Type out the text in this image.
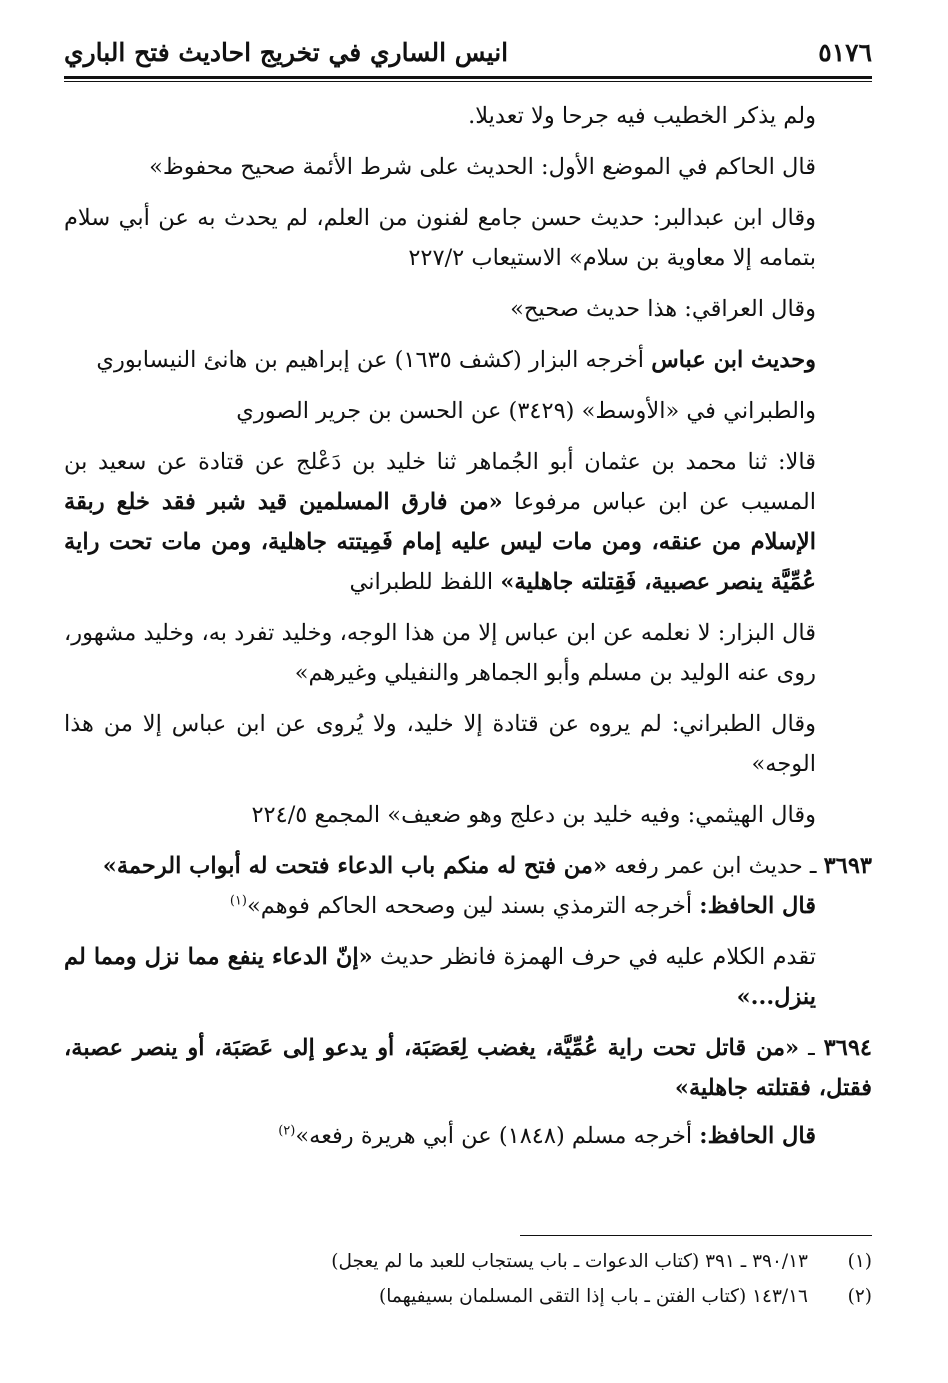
٥١٧٦
انيس الساري في تخريج احاديث فتح الباري

ولم يذكر الخطيب فيه جرحا ولا تعديلا.

قال الحاكم في الموضع الأول: الحديث على شرط الأئمة صحيح محفوظ»

وقال ابن عبدالبر: حديث حسن جامع لفنون من العلم، لم يحدث به عن أبي سلام بتمامه إلا معاوية بن سلام» الاستيعاب ٢٢٧/٢

وقال العراقي: هذا حديث صحيح»

وحديث ابن عباس أخرجه البزار (كشف ١٦٣٥) عن إبراهيم بن هانئ النيسابوري

والطبراني في «الأوسط» (٣٤٢٩) عن الحسن بن جرير الصوري

قالا: ثنا محمد بن عثمان أبو الجُماهر ثنا خليد بن دَعْلج عن قتادة عن سعيد بن المسيب عن ابن عباس مرفوعا «من فارق المسلمين قيد شبر فقد خلع ربقة الإسلام من عنقه، ومن مات ليس عليه إمام فَمِيتته جاهلية، ومن مات تحت راية عُمِّيَّة ينصر عصبية، فَقِتلته جاهلية» اللفظ للطبراني

قال البزار: لا نعلمه عن ابن عباس إلا من هذا الوجه، وخليد تفرد به، وخليد مشهور، روى عنه الوليد بن مسلم وأبو الجماهر والنفيلي وغيرهم»

وقال الطبراني: لم يروه عن قتادة إلا خليد، ولا يُروى عن ابن عباس إلا من هذا الوجه»

وقال الهيثمي: وفيه خليد بن دعلج وهو ضعيف» المجمع ٢٢٤/٥

٣٦٩٣ ـ حديث ابن عمر رفعه «من فتح له منكم باب الدعاء فتحت له أبواب الرحمة»

قال الحافظ: أخرجه الترمذي بسند لين وصححه الحاكم فوهم»$^{(١)}$

تقدم الكلام عليه في حرف الهمزة فانظر حديث «إنّ الدعاء ينفع مما نزل ومما لم ينزل...»

٣٦٩٤ ـ «من قاتل تحت راية عُمِّيَّة، يغضب لِعَصَبَة، أو يدعو إلى عَصَبَة، أو ينصر عصبة، فقتل، فقتلته جاهلية»

قال الحافظ: أخرجه مسلم (١٨٤٨) عن أبي هريرة رفعه»$^{(٢)}$

(١)
٣٩٠/١٣ ـ ٣٩١ (كتاب الدعوات ـ باب يستجاب للعبد ما لم يعجل)
(٢)
١٤٣/١٦ (كتاب الفتن ـ باب إذا التقى المسلمان بسيفيهما)
